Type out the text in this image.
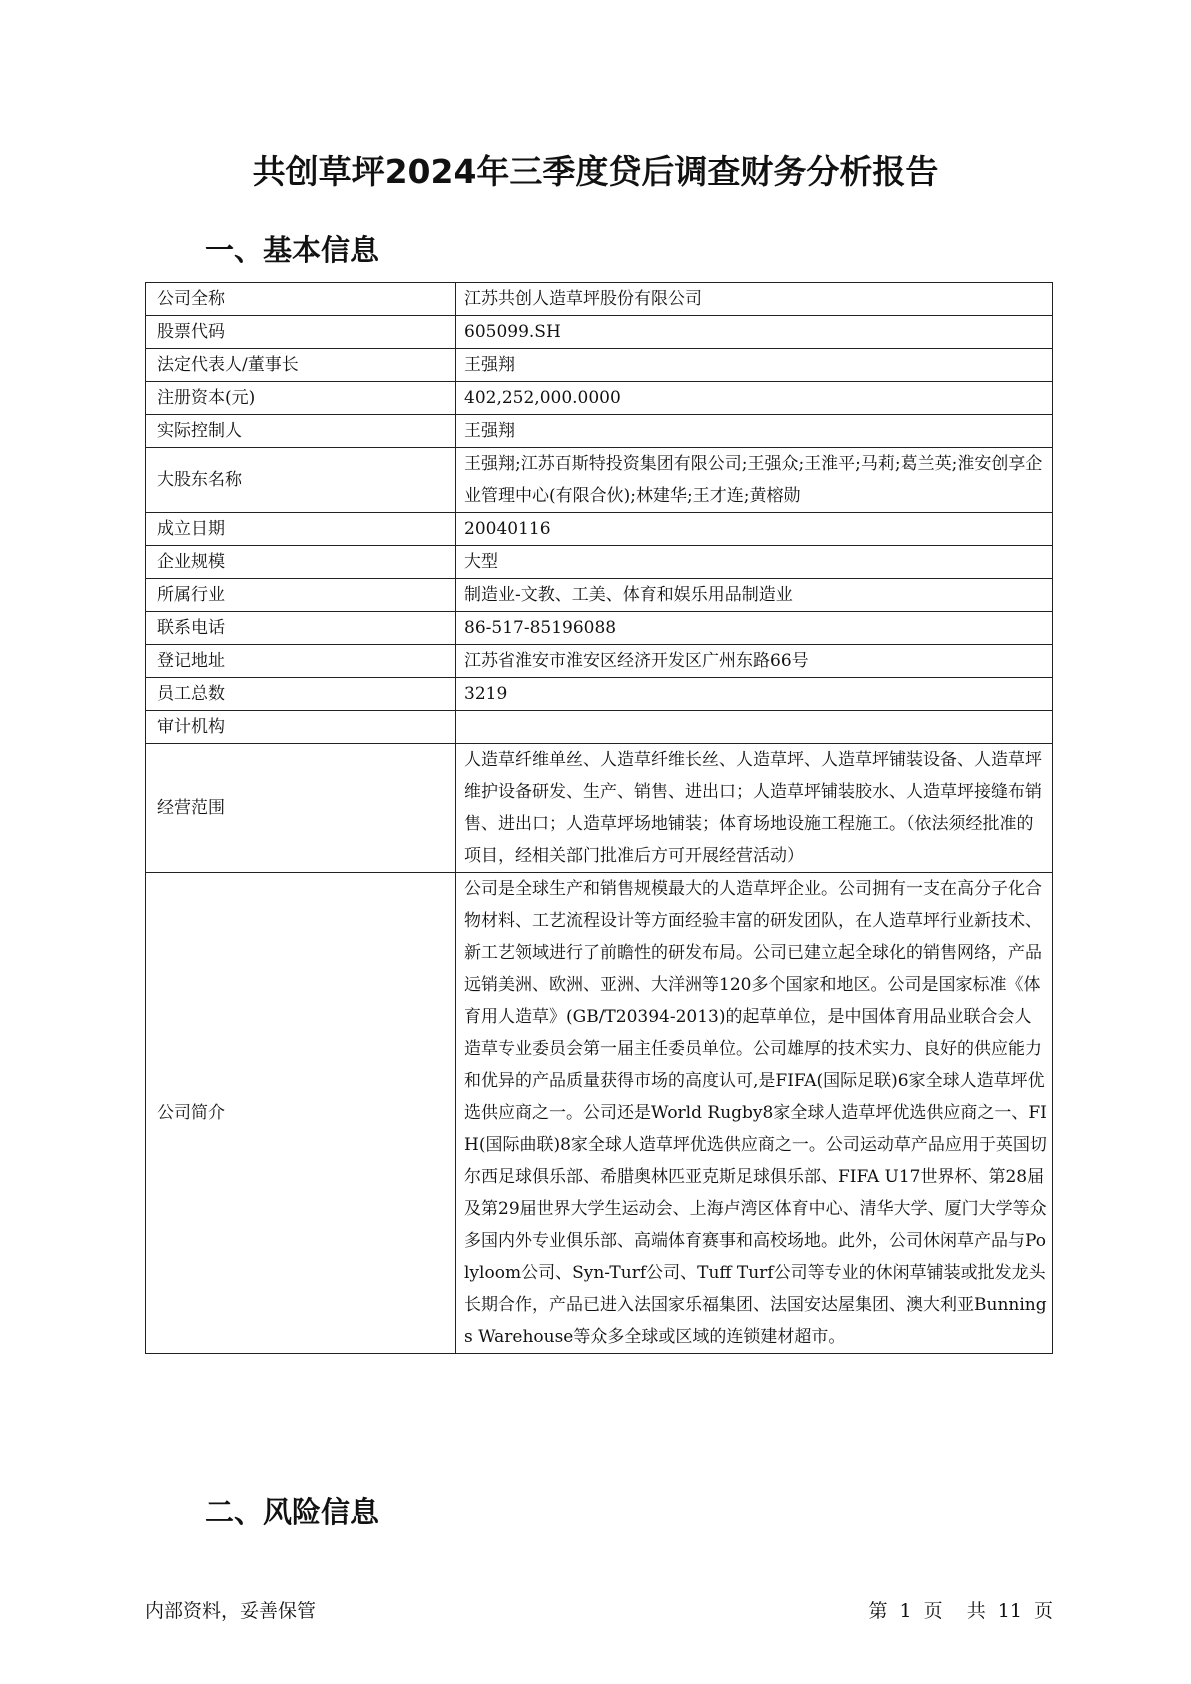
共创草坪2024年三季度贷后调查财务分析报告
一、基本信息
公司全称	江苏共创人造草坪股份有限公司
股票代码	605099.SH
法定代表人/董事长	王强翔
注册资本(元)	402,252,000.0000
实际控制人	王强翔
大股东名称	王强翔;江苏百斯特投资集团有限公司;王强众;王淮平;马莉;葛兰英;淮安创享企业管理中心(有限合伙);林建华;王才连;黄榕勋
成立日期	20040116
企业规模	大型
所属行业	制造业-文教、工美、体育和娱乐用品制造业
联系电话	86-517-85196088
登记地址	江苏省淮安市淮安区经济开发区广州东路66号
员工总数	3219
审计机构	
经营范围	人造草纤维单丝、人造草纤维长丝、人造草坪、人造草坪铺装设备、人造草坪维护设备研发、生产、销售、进出口；人造草坪铺装胶水、人造草坪接缝布销售、进出口；人造草坪场地铺装；体育场地设施工程施工。（依法须经批准的项目，经相关部门批准后方可开展经营活动）
公司简介	公司是全球生产和销售规模最大的人造草坪企业。公司拥有一支在高分子化合物材料、工艺流程设计等方面经验丰富的研发团队，在人造草坪行业新技术、新工艺领域进行了前瞻性的研发布局。公司已建立起全球化的销售网络，产品远销美洲、欧洲、亚洲、大洋洲等120多个国家和地区。公司是国家标准《体育用人造草》(GB/T20394-2013)的起草单位，是中国体育用品业联合会人造草专业委员会第一届主任委员单位。公司雄厚的技术实力、良好的供应能力和优异的产品质量获得市场的高度认可,是FIFA(国际足联)6家全球人造草坪优选供应商之一。公司还是World Rugby8家全球人造草坪优选供应商之一、FIH(国际曲联)8家全球人造草坪优选供应商之一。公司运动草产品应用于英国切尔西足球俱乐部、希腊奥林匹亚克斯足球俱乐部、FIFA U17世界杯、第28届及第29届世界大学生运动会、上海卢湾区体育中心、清华大学、厦门大学等众多国内外专业俱乐部、高端体育赛事和高校场地。此外，公司休闲草产品与Polyloom公司、Syn-Turf公司、Tuff Turf公司等专业的休闲草铺装或批发龙头长期合作，产品已进入法国家乐福集团、法国安达屋集团、澳大利亚Bunnings Warehouse等众多全球或区域的连锁建材超市。
二、风险信息
内部资料，妥善保管	第 1 页  共 11 页
